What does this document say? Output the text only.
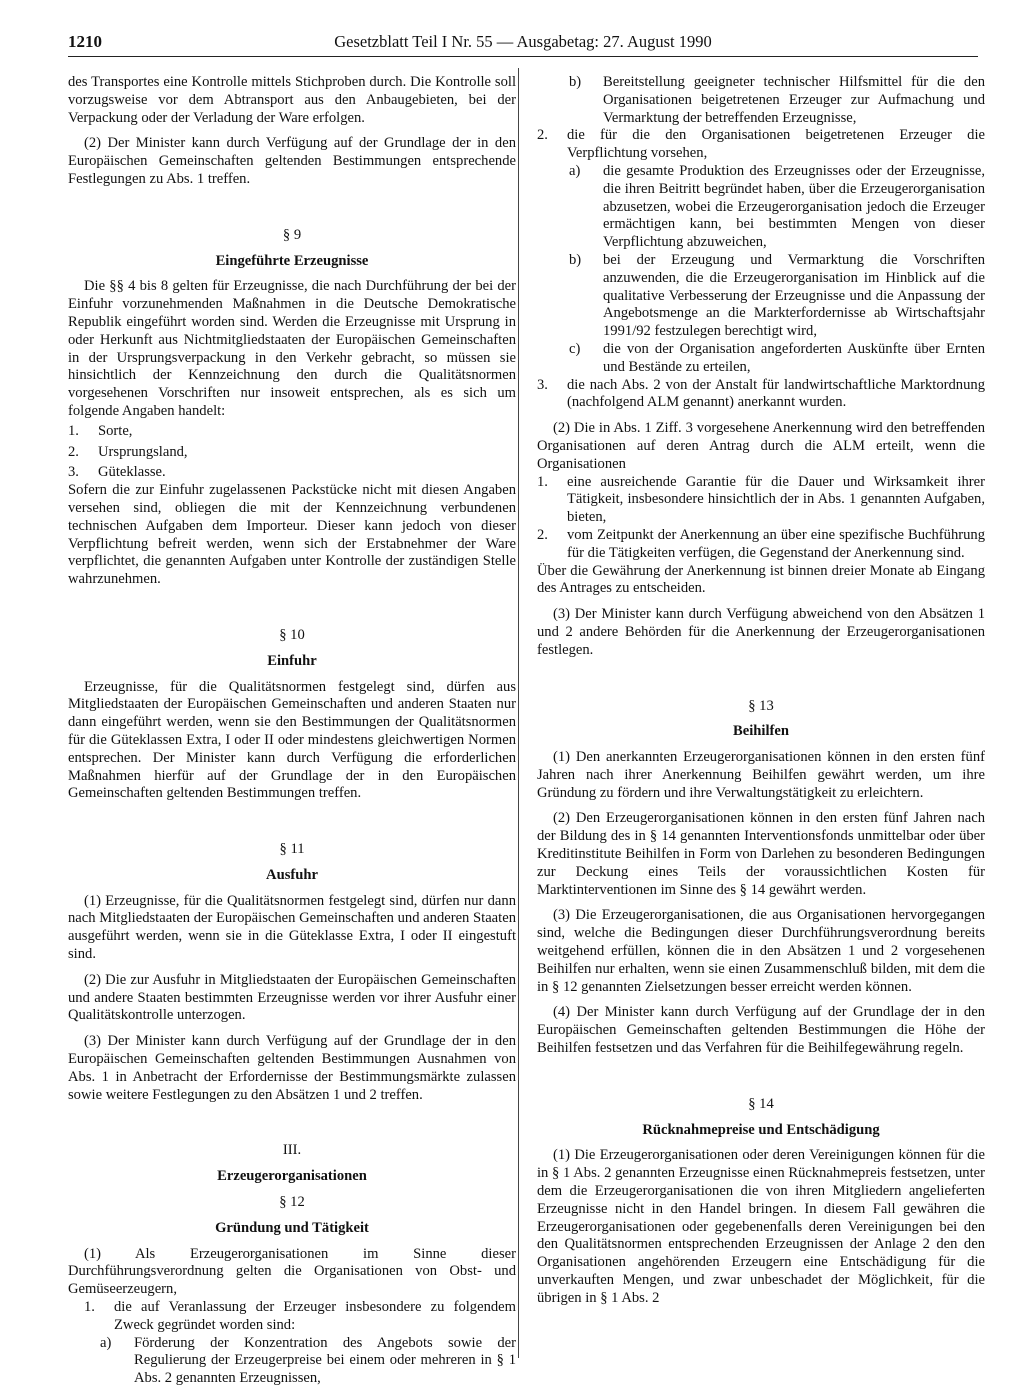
1210	Gesetzblatt Teil I Nr. 55 — Ausgabetag: 27. August 1990

des Transportes eine Kontrolle mittels Stichproben durch. Die Kontrolle soll vorzugsweise vor dem Abtransport aus den Anbaugebieten, bei der Verpackung oder der Verladung der Ware erfolgen.

(2) Der Minister kann durch Verfügung auf der Grundlage der in den Europäischen Gemeinschaften geltenden Bestimmungen entsprechende Festlegungen zu Abs. 1 treffen.

§ 9
Eingeführte Erzeugnisse

Die §§ 4 bis 8 gelten für Erzeugnisse, die nach Durchführung der bei der Einfuhr vorzunehmenden Maßnahmen in die Deutsche Demokratische Republik eingeführt worden sind. Werden die Erzeugnisse mit Ursprung in oder Herkunft aus Nichtmitgliedstaaten der Europäischen Gemeinschaften in der Ursprungsverpackung in den Verkehr gebracht, so müssen sie hinsichtlich der Kennzeichnung den durch die Qualitätsnormen vorgesehenen Vorschriften nur insoweit entsprechen, als es sich um folgende Angaben handelt:

1.	Sorte,
2.	Ursprungsland,
3.	Güteklasse.

Sofern die zur Einfuhr zugelassenen Packstücke nicht mit diesen Angaben versehen sind, obliegen die mit der Kennzeichnung verbundenen technischen Aufgaben dem Importeur. Dieser kann jedoch von dieser Verpflichtung befreit werden, wenn sich der Erstabnehmer der Ware verpflichtet, die genannten Aufgaben unter Kontrolle der zuständigen Stelle wahrzunehmen.

§ 10
Einfuhr

Erzeugnisse, für die Qualitätsnormen festgelegt sind, dürfen aus Mitgliedstaaten der Europäischen Gemeinschaften und anderen Staaten nur dann eingeführt werden, wenn sie den Bestimmungen der Qualitätsnormen für die Güteklassen Extra, I oder II oder mindestens gleichwertigen Normen entsprechen. Der Minister kann durch Verfügung die erforderlichen Maßnahmen hierfür auf der Grundlage der in den Europäischen Gemeinschaften geltenden Bestimmungen treffen.

§ 11
Ausfuhr

(1) Erzeugnisse, für die Qualitätsnormen festgelegt sind, dürfen nur dann nach Mitgliedstaaten der Europäischen Gemeinschaften und anderen Staaten ausgeführt werden, wenn sie in die Güteklasse Extra, I oder II eingestuft sind.

(2) Die zur Ausfuhr in Mitgliedstaaten der Europäischen Gemeinschaften und andere Staaten bestimmten Erzeugnisse werden vor ihrer Ausfuhr einer Qualitätskontrolle unterzogen.

(3) Der Minister kann durch Verfügung auf der Grundlage der in den Europäischen Gemeinschaften geltenden Bestimmungen Ausnahmen von Abs. 1 in Anbetracht der Erfordernisse der Bestimmungsmärkte zulassen sowie weitere Festlegungen zu den Absätzen 1 und 2 treffen.

III.
Erzeugerorganisationen
§ 12
Gründung und Tätigkeit

(1) Als Erzeugerorganisationen im Sinne dieser Durchführungsverordnung gelten die Organisationen von Obst- und Gemüseerzeugern,

1.	die auf Veranlassung der Erzeuger insbesondere zu folgendem Zweck gegründet worden sind:
a)	Förderung der Konzentration des Angebots sowie der Regulierung der Erzeugerpreise bei einem oder mehreren in § 1 Abs. 2 genannten Erzeugnissen,
b)	Bereitstellung geeigneter technischer Hilfsmittel für die den Organisationen beigetretenen Erzeuger zur Aufmachung und Vermarktung der betreffenden Erzeugnisse,
2.	die für die den Organisationen beigetretenen Erzeuger die Verpflichtung vorsehen,
a)	die gesamte Produktion des Erzeugnisses oder der Erzeugnisse, die ihren Beitritt begründet haben, über die Erzeugerorganisation abzusetzen, wobei die Erzeugerorganisation jedoch die Erzeuger ermächtigen kann, bei bestimmten Mengen von dieser Verpflichtung abzuweichen,
b)	bei der Erzeugung und Vermarktung die Vorschriften anzuwenden, die die Erzeugerorganisation im Hinblick auf die qualitative Verbesserung der Erzeugnisse und die Anpassung der Angebotsmenge an die Markterfordernisse ab Wirtschaftsjahr 1991/92 festzulegen berechtigt wird,
c)	die von der Organisation angeforderten Auskünfte über Ernten und Bestände zu erteilen,
3.	die nach Abs. 2 von der Anstalt für landwirtschaftliche Marktordnung (nachfolgend ALM genannt) anerkannt wurden.

(2) Die in Abs. 1 Ziff. 3 vorgesehene Anerkennung wird den betreffenden Organisationen auf deren Antrag durch die ALM erteilt, wenn die Organisationen

1.	eine ausreichende Garantie für die Dauer und Wirksamkeit ihrer Tätigkeit, insbesondere hinsichtlich der in Abs. 1 genannten Aufgaben, bieten,
2.	vom Zeitpunkt der Anerkennung an über eine spezifische Buchführung für die Tätigkeiten verfügen, die Gegenstand der Anerkennung sind.

Über die Gewährung der Anerkennung ist binnen dreier Monate ab Eingang des Antrages zu entscheiden.

(3) Der Minister kann durch Verfügung abweichend von den Absätzen 1 und 2 andere Behörden für die Anerkennung der Erzeugerorganisationen festlegen.

§ 13
Beihilfen

(1) Den anerkannten Erzeugerorganisationen können in den ersten fünf Jahren nach ihrer Anerkennung Beihilfen gewährt werden, um ihre Gründung zu fördern und ihre Verwaltungstätigkeit zu erleichtern.

(2) Den Erzeugerorganisationen können in den ersten fünf Jahren nach der Bildung des in § 14 genannten Interventionsfonds unmittelbar oder über Kreditinstitute Beihilfen in Form von Darlehen zu besonderen Bedingungen zur Deckung eines Teils der voraussichtlichen Kosten für Marktinterventionen im Sinne des § 14 gewährt werden.

(3) Die Erzeugerorganisationen, die aus Organisationen hervorgegangen sind, welche die Bedingungen dieser Durchführungsverordnung bereits weitgehend erfüllen, können die in den Absätzen 1 und 2 vorgesehenen Beihilfen nur erhalten, wenn sie einen Zusammenschluß bilden, mit dem die in § 12 genannten Zielsetzungen besser erreicht werden können.

(4) Der Minister kann durch Verfügung auf der Grundlage der in den Europäischen Gemeinschaften geltenden Bestimmungen die Höhe der Beihilfen festsetzen und das Verfahren für die Beihilfegewährung regeln.

§ 14
Rücknahmepreise und Entschädigung

(1) Die Erzeugerorganisationen oder deren Vereinigungen können für die in § 1 Abs. 2 genannten Erzeugnisse einen Rücknahmepreis festsetzen, unter dem die Erzeugerorganisationen die von ihren Mitgliedern angelieferten Erzeugnisse nicht in den Handel bringen. In diesem Fall gewähren die Erzeugerorganisationen oder gegebenenfalls deren Vereinigungen bei den den Qualitätsnormen entsprechenden Erzeugnissen der Anlage 2 den den Organisationen angehörenden Erzeugern eine Entschädigung für die unverkauften Mengen, und zwar unbeschadet der Möglichkeit, für die übrigen in § 1 Abs. 2
